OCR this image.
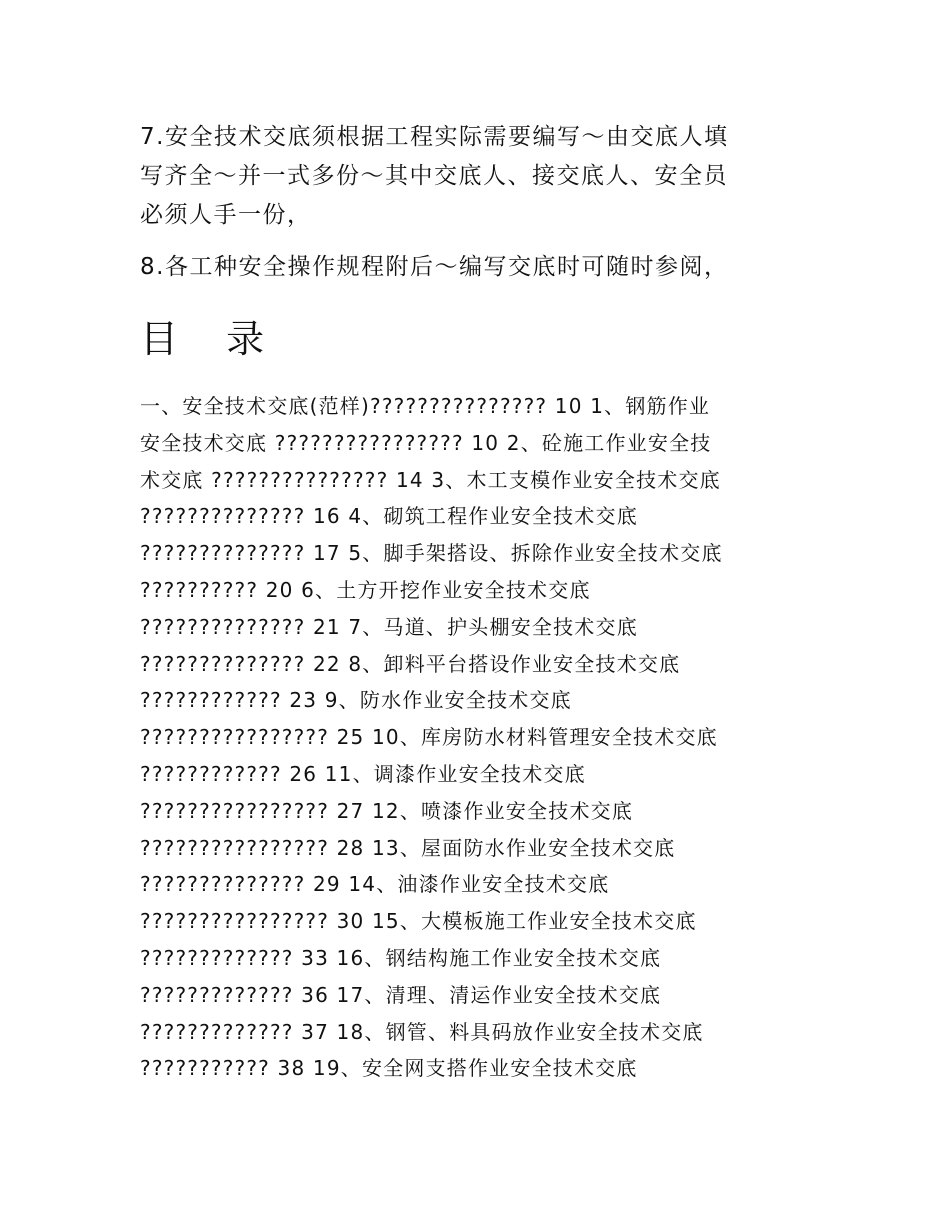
7.安全技术交底须根据工程实际需要编写～由交底人填
写齐全～并一式多份～其中交底人、接交底人、安全员
必须人手一份，

8.各工种安全操作规程附后～编写交底时可随时参阅，

目 录

一、安全技术交底(范样)??????????????? 10 1、钢筋作业
安全技术交底 ???????????????? 10 2、砼施工作业安全技
术交底 ??????????????? 14 3、木工支模作业安全技术交底
?????????????? 16 4、砌筑工程作业安全技术交底
?????????????? 17 5、脚手架搭设、拆除作业安全技术交底
?????????? 20 6、土方开挖作业安全技术交底
?????????????? 21 7、马道、护头棚安全技术交底
?????????????? 22 8、卸料平台搭设作业安全技术交底
???????????? 23 9、防水作业安全技术交底
???????????????? 25 10、库房防水材料管理安全技术交底
???????????? 26 11、调漆作业安全技术交底
???????????????? 27 12、喷漆作业安全技术交底
???????????????? 28 13、屋面防水作业安全技术交底
?????????????? 29 14、油漆作业安全技术交底
???????????????? 30 15、大模板施工作业安全技术交底
????????????? 33 16、钢结构施工作业安全技术交底
????????????? 36 17、清理、清运作业安全技术交底
????????????? 37 18、钢管、料具码放作业安全技术交底
??????????? 38 19、安全网支搭作业安全技术交底
